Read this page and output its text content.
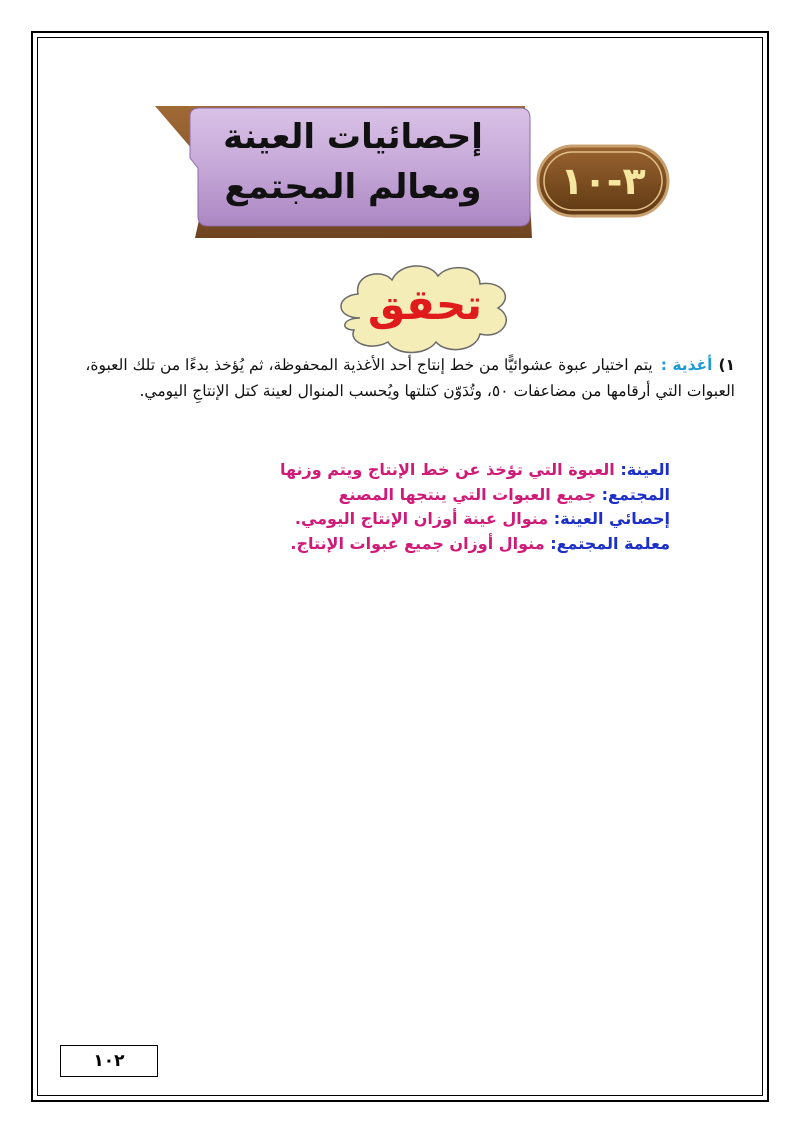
إحصائيات العينة
ومعالم المجتمع	٣-١٠
تحقق
١)أغذية :يتم اختيار عبوة عشوائيًّا من خط إنتاج أحد الأغذية المحفوظة، ثم يُؤخذ بدءًا من تلك العبوة، العبوات التي أرقامها من مضاعفات ٥٠، وتُدَوّن كتلتها ويُحسب المنوال لعينة كتل الإنتاجِ اليومي.
العينة: العبوة التي تؤخذ عن خط الإنتاج ويتم وزنها
المجتمع: جميع العبوات التي ينتجها المصنع
إحصائي العينة: منوال عينة أوزان الإنتاج اليومي.
معلمة المجتمع: منوال أوزان جميع عبوات الإنتاج.
١٠٢
